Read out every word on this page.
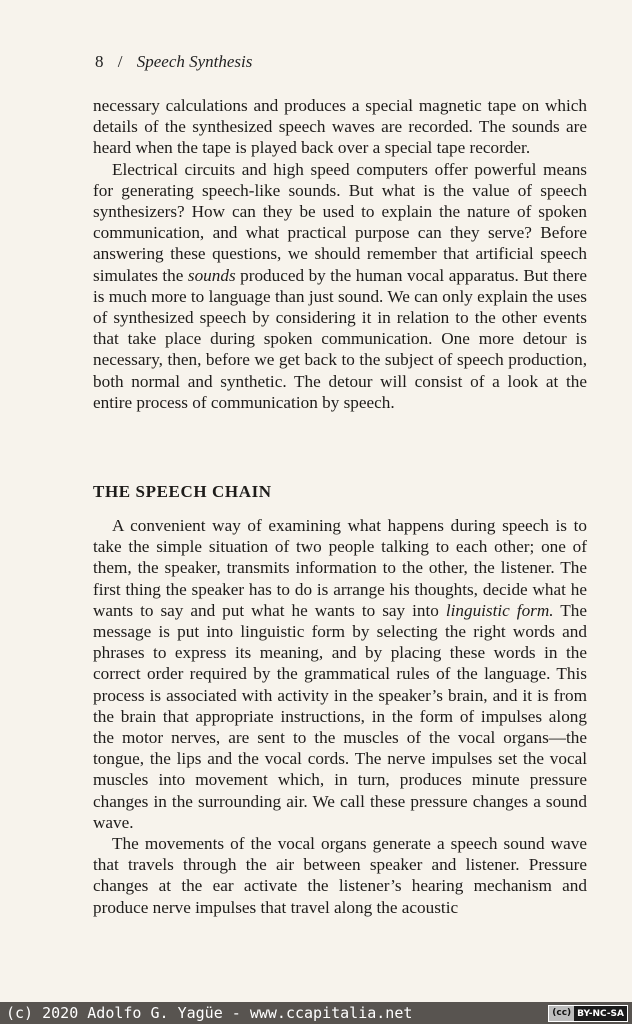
8 / Speech Synthesis

necessary calculations and produces a special magnetic tape on which details of the synthesized speech waves are recorded. The sounds are heard when the tape is played back over a special tape recorder.

Electrical circuits and high speed computers offer powerful means for generating speech-like sounds. But what is the value of speech synthesizers? How can they be used to explain the nature of spoken communication, and what practical purpose can they serve? Before answering these questions, we should remember that artificial speech simulates the sounds produced by the human vocal apparatus. But there is much more to language than just sound. We can only explain the uses of synthesized speech by considering it in relation to the other events that take place during spoken communication. One more detour is necessary, then, before we get back to the subject of speech production, both normal and synthetic. The detour will consist of a look at the entire process of communication by speech.

THE SPEECH CHAIN

A convenient way of examining what happens during speech is to take the simple situation of two people talking to each other; one of them, the speaker, transmits information to the other, the listener. The first thing the speaker has to do is arrange his thoughts, decide what he wants to say and put what he wants to say into linguistic form. The message is put into linguistic form by selecting the right words and phrases to express its meaning, and by placing these words in the correct order required by the grammatical rules of the language. This process is associated with activity in the speaker’s brain, and it is from the brain that appropriate instructions, in the form of impulses along the motor nerves, are sent to the muscles of the vocal organs—the tongue, the lips and the vocal cords. The nerve impulses set the vocal muscles into movement which, in turn, produces minute pressure changes in the surrounding air. We call these pressure changes a sound wave.

The movements of the vocal organs generate a speech sound wave that travels through the air between speaker and listener. Pressure changes at the ear activate the listener’s hearing mechanism and produce nerve impulses that travel along the acoustic

(c) 2020 Adolfo G. Yagüe - www.ccapitalia.net	(cc) BY-NC-SA
